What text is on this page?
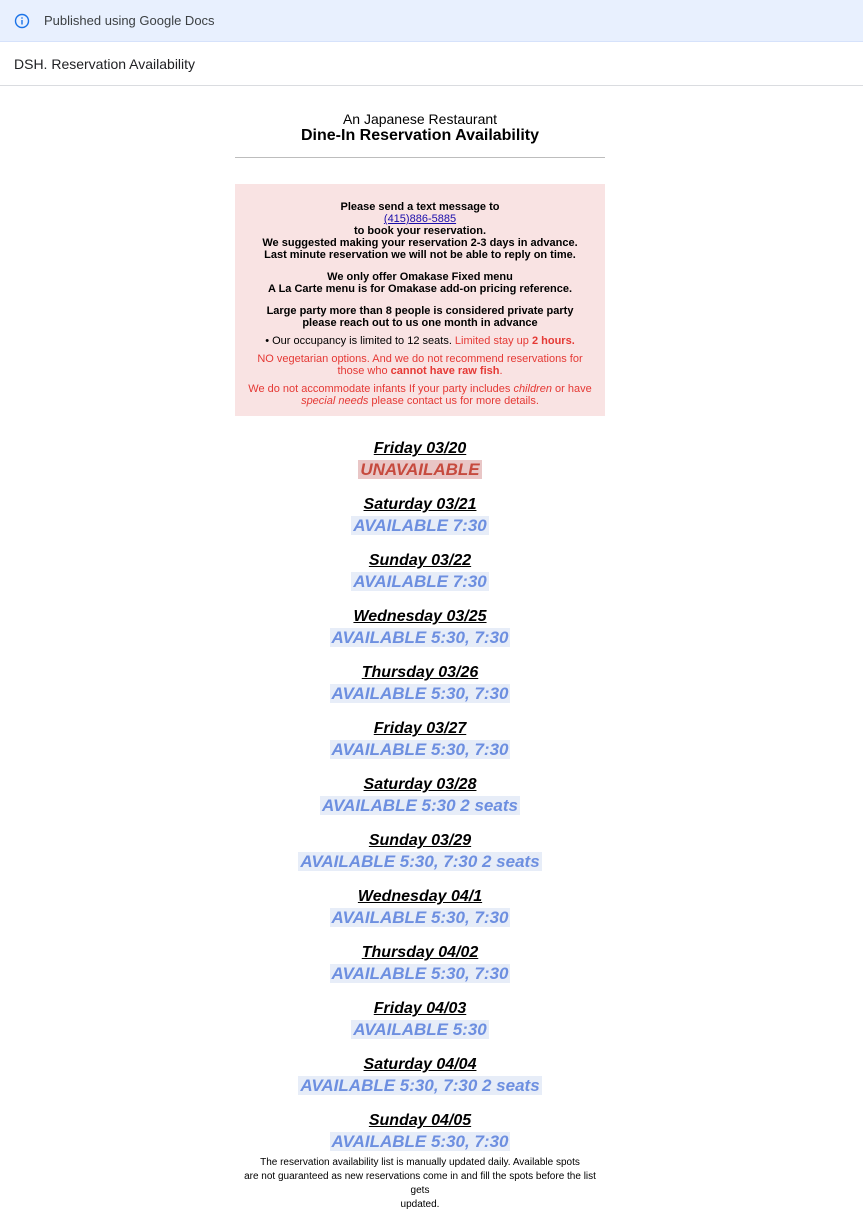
Published using Google Docs
DSH. Reservation Availability
An Japanese Restaurant
Dine-In Reservation Availability

Please send a text message to

(415)886-5885

to book your reservation.

We suggested making your reservation 2-3 days in advance.

Last minute reservation we will not be able to reply on time.

We only offer Omakase Fixed menu

A La Carte menu is for Omakase add-on pricing reference.

Large party more than 8 people is considered private party

please reach out to us one month in advance

• Our occupancy is limited to 12 seats. Limited stay up 2 hours.

NO vegetarian options. And we do not recommend reservations for

those who cannot have raw fish.

We do not accommodate infants If your party includes children or have

special needs please contact us for more details.

Friday 03/20
UNAVAILABLE
Saturday 03/21
AVAILABLE 7:30
Sunday 03/22
AVAILABLE 7:30
Wednesday 03/25
AVAILABLE 5:30, 7:30
Thursday 03/26
AVAILABLE 5:30, 7:30
Friday 03/27
AVAILABLE 5:30, 7:30
Saturday 03/28
AVAILABLE 5:30 2 seats
Sunday 03/29
AVAILABLE 5:30, 7:30 2 seats
Wednesday 04/1
AVAILABLE 5:30, 7:30
Thursday 04/02
AVAILABLE 5:30, 7:30
Friday 04/03
AVAILABLE 5:30
Saturday 04/04
AVAILABLE 5:30, 7:30 2 seats
Sunday 04/05
AVAILABLE 5:30, 7:30
The reservation availability list is manually updated daily. Available spots
are not guaranteed as new reservations come in and fill the spots before the list gets
updated.
